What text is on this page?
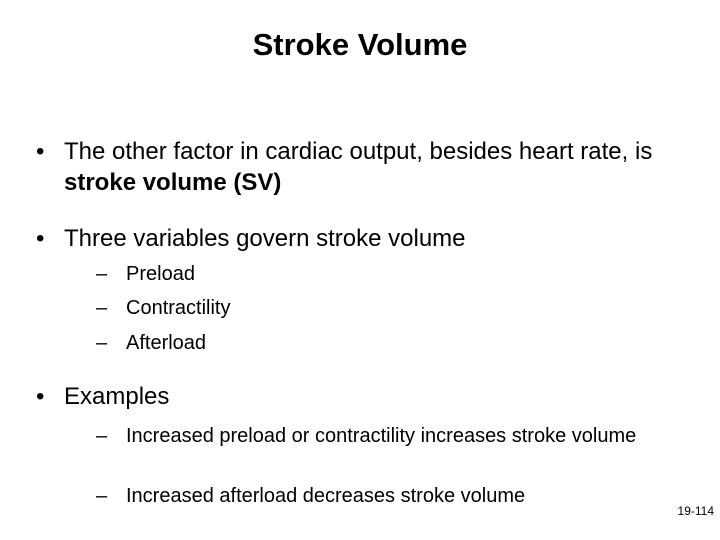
Stroke Volume
• The other factor in cardiac output, besides heart rate, is stroke volume (SV)
• Three variables govern stroke volume
– Preload
– Contractility
– Afterload
• Examples
– Increased preload or contractility increases stroke volume
– Increased afterload decreases stroke volume
19-114
